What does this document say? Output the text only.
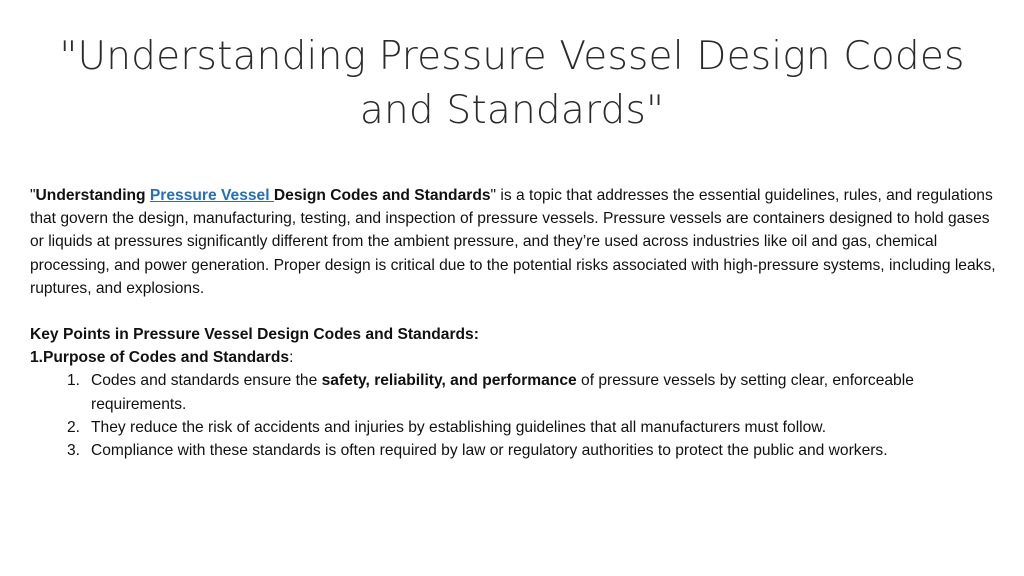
"Understanding Pressure Vessel Design Codes and Standards"

"Understanding Pressure Vessel Design Codes and Standards" is a topic that addresses the essential guidelines, rules, and regulations that govern the design, manufacturing, testing, and inspection of pressure vessels. Pressure vessels are containers designed to hold gases or liquids at pressures significantly different from the ambient pressure, and they’re used across industries like oil and gas, chemical processing, and power generation. Proper design is critical due to the potential risks associated with high-pressure systems, including leaks, ruptures, and explosions.

Key Points in Pressure Vessel Design Codes and Standards:

1.Purpose of Codes and Standards:

1. Codes and standards ensure the safety, reliability, and performance of pressure vessels by setting clear, enforceable requirements.
2. They reduce the risk of accidents and injuries by establishing guidelines that all manufacturers must follow.
3. Compliance with these standards is often required by law or regulatory authorities to protect the public and workers.
